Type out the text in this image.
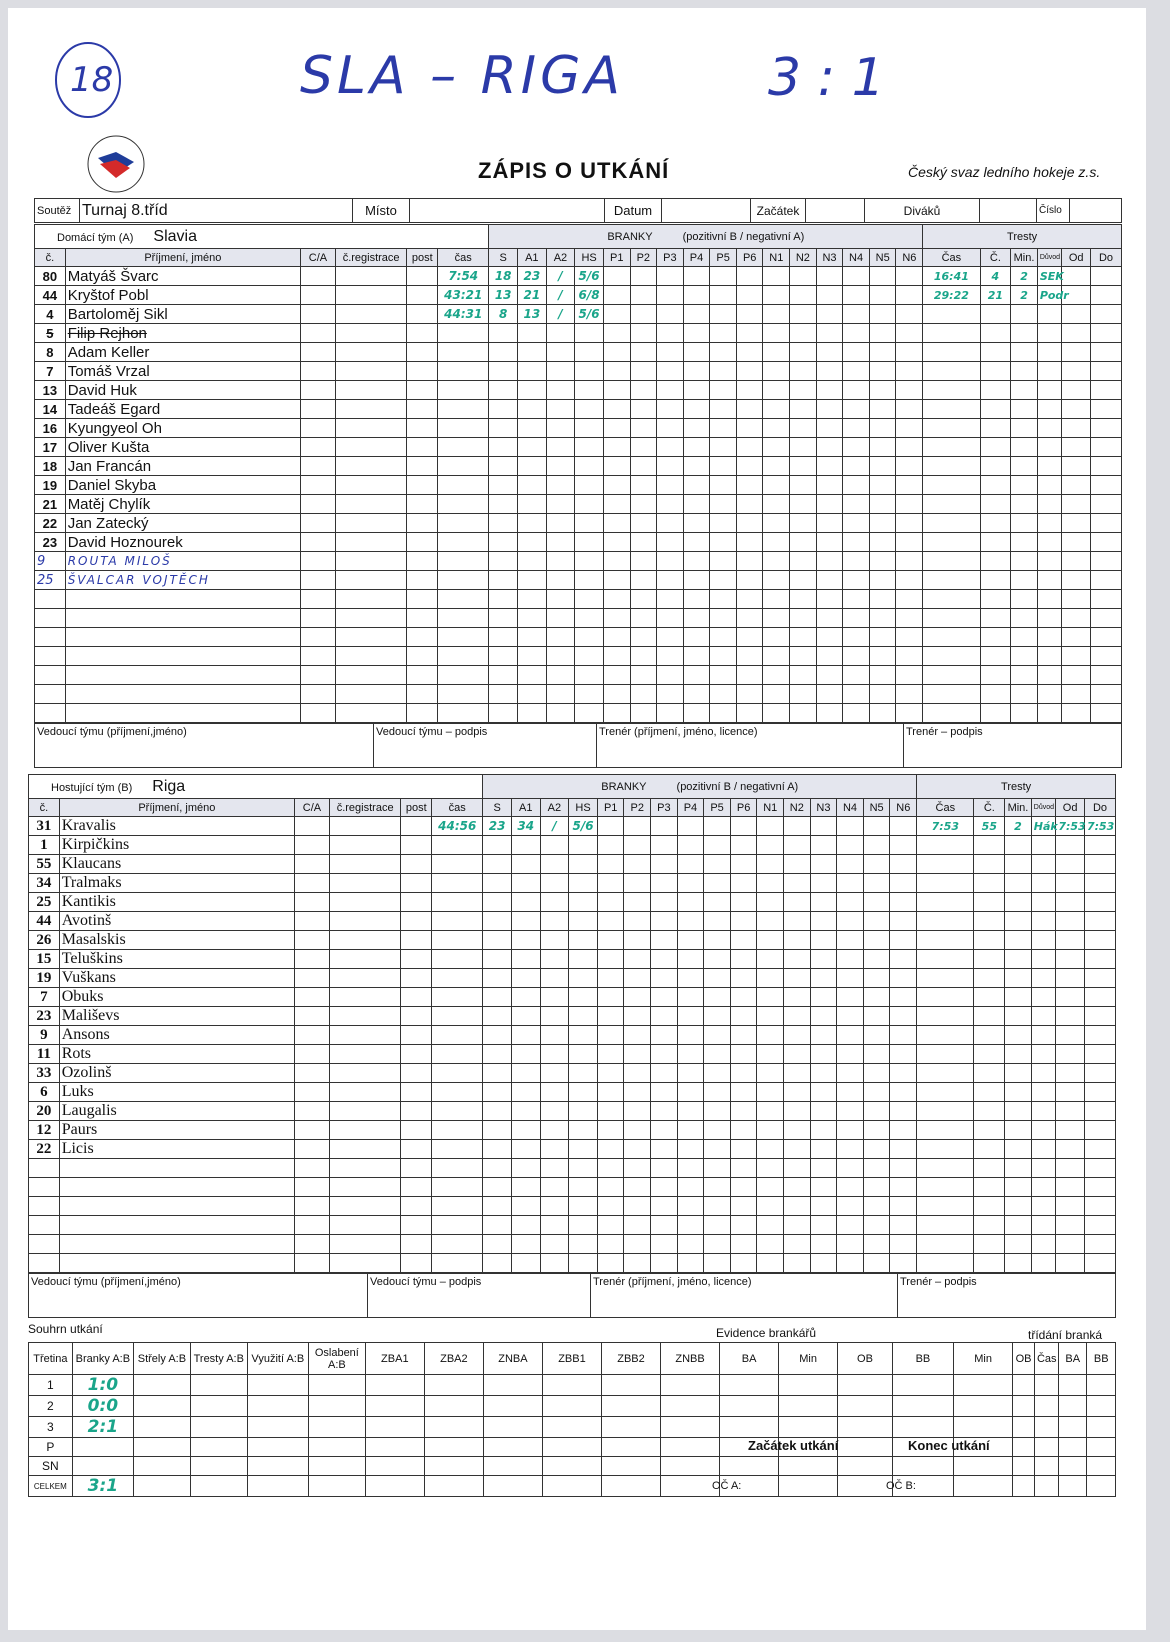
18	SLA – RIGA	3 : 1
ZÁPIS O UTKÁNÍ	Český svaz ledního hokeje z.s.
Soutěž	Turnaj 8.tříd	Místo		Datum		Začátek		Diváků		Číslo	
Domácí tým (A) Slavia						BRANKY (pozitivní B / negativní A)																Tresty					
č.	Příjmení, jméno	C/A	č.registrace	post	čas	S	A1	A2	HS	P1	P2	P3	P4	P5	P6	N1	N2	N3	N4	N5	N6	Čas	Č.	Min.	Důvod	Od	Do
80	Matyáš Švarc				7:54	18	23	/	5/6													16:41	4	2	SEK		
44	Kryštof Pobl				43:21	13	21	/	6/8													29:22	21	2	Podr		
4	Bartoloměj Sikl				44:31	8	13	/	5/6																		
5	Filip Rejhon																										
8	Adam Keller																										
7	Tomáš Vrzal																										
13	David Huk																										
14	Tadeáš Egard																										
16	Kyungyeol Oh																										
17	Oliver Kušta																										
18	Jan Francán																										
19	Daniel Skyba																										
21	Matěj Chylík																										
22	Jan Zatecký																										
23	David Hoznourek																										
9	ROUTA MILOŠ																										
25	ŠVALCAR VOJTĚCH																										

Vedoucí týmu (příjmení,jméno)	Vedoucí týmu – podpis	Trenér (příjmení, jméno, licence)	Trenér – podpis
Hostující tým (B) Riga						BRANKY (pozitivní B / negativní A)																Tresty					
č.	Příjmení, jméno	C/A	č.registrace	post	čas	S	A1	A2	HS	P1	P2	P3	P4	P5	P6	N1	N2	N3	N4	N5	N6	Čas	Č.	Min.	Důvod	Od	Do
31	Kravalis				44:56	23	34	/	5/6													7:53	55	2	Hák	7:53	7:53
1	Kirpičkins																										
55	Klaucans																										
34	Tralmaks																										
25	Kantikis																										
44	Avotinš																										
26	Masalskis																										
15	Teluškins																										
19	Vuškans																										
7	Obuks																										
23	Mališevs																										
9	Ansons																										
11	Rots																										
33	Ozolinš																										
6	Luks																										
20	Laugalis																										
12	Paurs																										
22	Licis																										

Vedoucí týmu (příjmení,jméno)	Vedoucí týmu – podpis	Trenér (příjmení, jméno, licence)	Trenér – podpis
Souhrn utkání	Evidence brankářů	třídání branká
Třetina	Branky A:B	Střely A:B	Tresty A:B	Využití A:B	Oslabení A:B	ZBA1	ZBA2	ZNBA	ZBB1	ZBB2	ZNBB	BA	Min	OB	BB	Min	OB	Čas	BA	BB
1	1:0																			
2	0:0																			
3	2:1																			
P																				
SN																				
CELKEM	3:1																			
Začátek utkání	Konec utkání
OČ A:	OČ B:
